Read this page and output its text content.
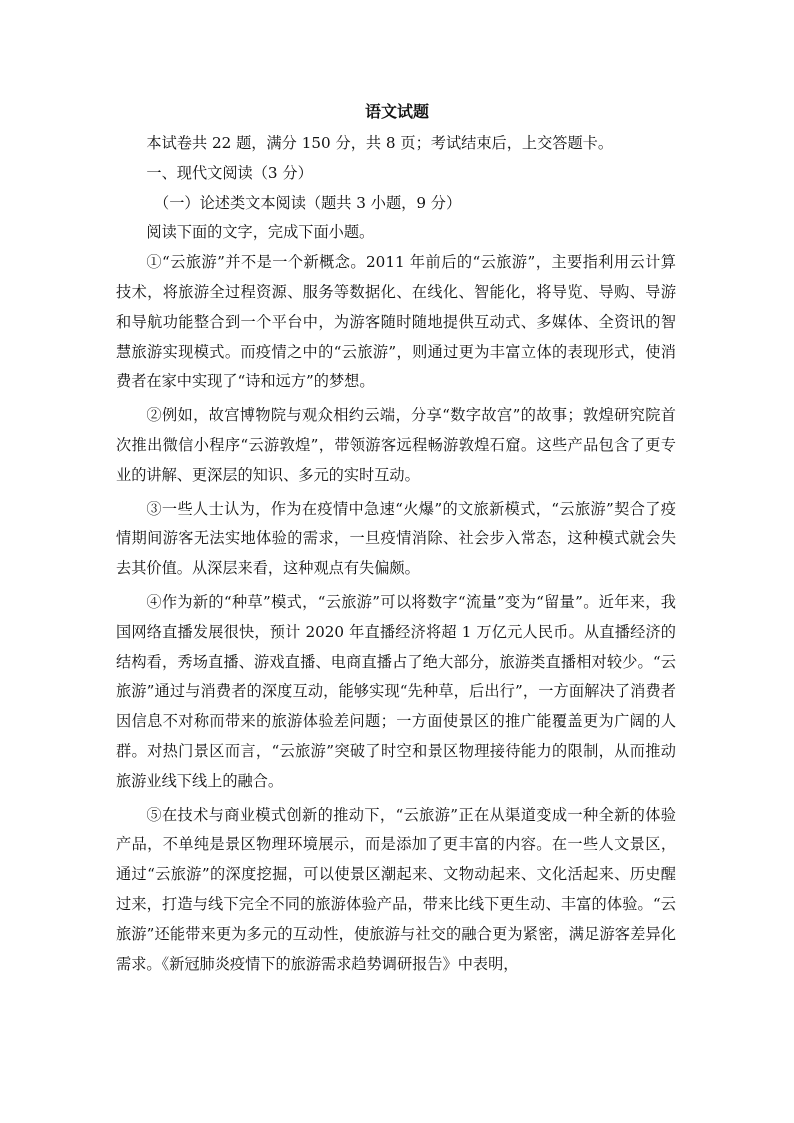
语文试题

本试卷共 22 题，满分 150 分，共 8 页；考试结束后，上交答题卡。

一、现代文阅读（3 分）

（一）论述类文本阅读（题共 3 小题，9 分）

阅读下面的文字，完成下面小题。

①“云旅游”并不是一个新概念。2011 年前后的“云旅游”，主要指利用云计算技术，将旅游全过程资源、服务等数据化、在线化、智能化，将导览、导购、导游和导航功能整合到一个平台中，为游客随时随地提供互动式、多媒体、全资讯的智慧旅游实现模式。而疫情之中的“云旅游”，则通过更为丰富立体的表现形式，使消费者在家中实现了“诗和远方”的梦想。

②例如，故宫博物院与观众相约云端，分享“数字故宫”的故事；敦煌研究院首次推出微信小程序“云游敦煌”，带领游客远程畅游敦煌石窟。这些产品包含了更专业的讲解、更深层的知识、多元的实时互动。

③一些人士认为，作为在疫情中急速“火爆”的文旅新模式，“云旅游”契合了疫情期间游客无法实地体验的需求，一旦疫情消除、社会步入常态，这种模式就会失去其价值。从深层来看，这种观点有失偏颇。

④作为新的“种草”模式，“云旅游”可以将数字“流量”变为“留量”。近年来，我国网络直播发展很快，预计 2020 年直播经济将超 1 万亿元人民币。从直播经济的结构看，秀场直播、游戏直播、电商直播占了绝大部分，旅游类直播相对较少。“云旅游”通过与消费者的深度互动，能够实现“先种草，后出行”，一方面解决了消费者因信息不对称而带来的旅游体验差问题；一方面使景区的推广能覆盖更为广阔的人群。对热门景区而言，“云旅游”突破了时空和景区物理接待能力的限制，从而推动旅游业线下线上的融合。

⑤在技术与商业模式创新的推动下，“云旅游”正在从渠道变成一种全新的体验产品，不单纯是景区物理环境展示，而是添加了更丰富的内容。在一些人文景区，通过“云旅游”的深度挖掘，可以使景区潮起来、文物动起来、文化活起来、历史醒过来，打造与线下完全不同的旅游体验产品，带来比线下更生动、丰富的体验。“云旅游”还能带来更为多元的互动性，使旅游与社交的融合更为紧密，满足游客差异化需求。《新冠肺炎疫情下的旅游需求趋势调研报告》中表明，
